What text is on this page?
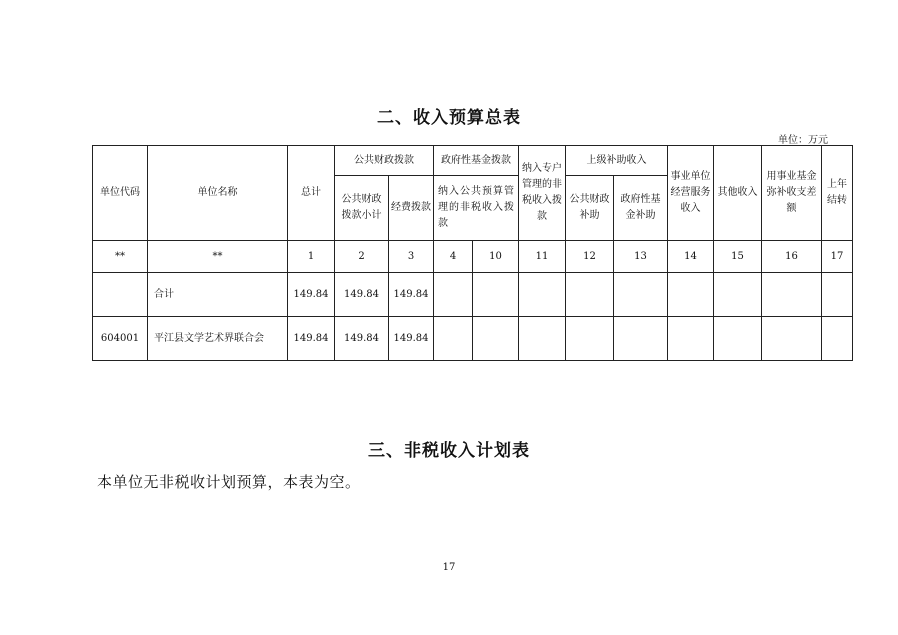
二、收入预算总表
单位：万元
单位代码	单位名称	总计	公共财政拨款		政府性基金拨款		纳入专户管理的非税收入拨款	上级补助收入		事业单位经营服务收入	其他收入	用事业基金弥补收支差额	上年结转
			公共财政拨款小计	经费拨款	纳入公共预算管理的非税收入拨款			公共财政补助	政府性基金补助				
**	**	1	2	3	4	10	11	12	13	14	15	16	17
	合计	149.84	149.84	149.84									
604001	平江县文学艺术界联合会	149.84	149.84	149.84									
三、非税收入计划表
本单位无非税收计划预算，本表为空。
17
